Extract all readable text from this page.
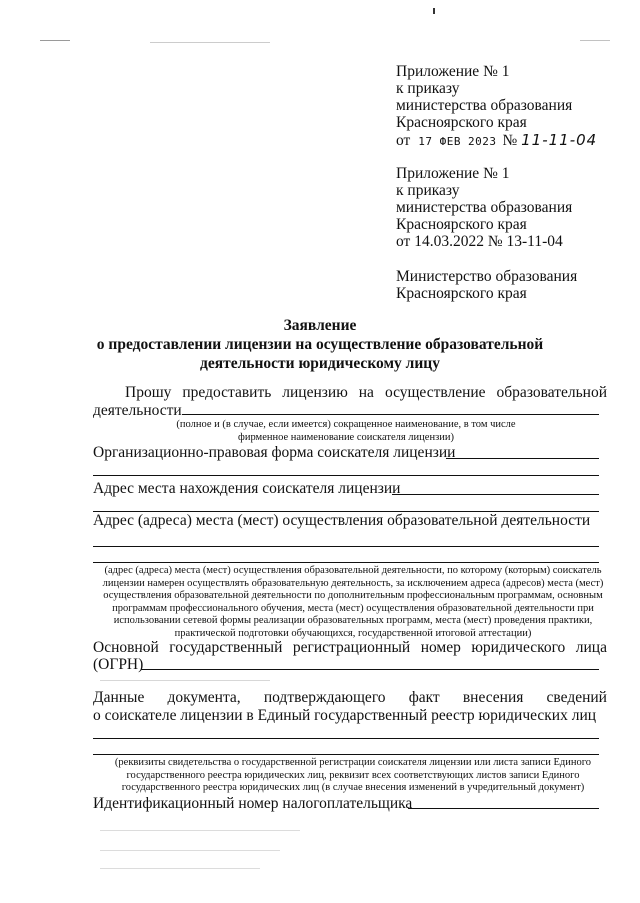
Приложение № 1
к приказу
министерства образования
Красноярского края
от 17 ФЕВ 2023 № 11-11-04
Приложение № 1
к приказу
министерства образования
Красноярского края
от 14.03.2022 № 13-11-04
Министерство образования
Красноярского края
Заявление
о предоставлении лицензии на осуществление образовательной
деятельности юридическому лицу
Прошу предоставить лицензию на осуществление образовательной
деятельности
(полное и (в случае, если имеется) сокращенное наименование, в том числе
фирменное наименование соискателя лицензии)
Организационно-правовая форма соискателя лицензии
Адрес места нахождения соискателя лицензии
Адрес (адреса) места (мест) осуществления образовательной деятельности
(адрес (адреса) места (мест) осуществления образовательной деятельности, по которому (которым) соискатель
лицензии намерен осуществлять образовательную деятельность, за исключением адреса (адресов) места (мест)
осуществления образовательной деятельности по дополнительным профессиональным программам, основным
программам профессионального обучения, места (мест) осуществления образовательной деятельности при
использовании сетевой формы реализации образовательных программ, места (мест) проведения практики,
практической подготовки обучающихся, государственной итоговой аттестации)
Основной государственный регистрационный номер юридического лица
(ОГРН)
Данные документа, подтверждающего факт внесения сведений
о соискателе лицензии в Единый государственный реестр юридических лиц
(реквизиты свидетельства о государственной регистрации соискателя лицензии или листа записи Единого
государственного реестра юридических лиц, реквизит всех соответствующих листов записи Единого
государственного реестра юридических лиц (в случае внесения изменений в учредительный документ)
Идентификационный номер налогоплательщика
